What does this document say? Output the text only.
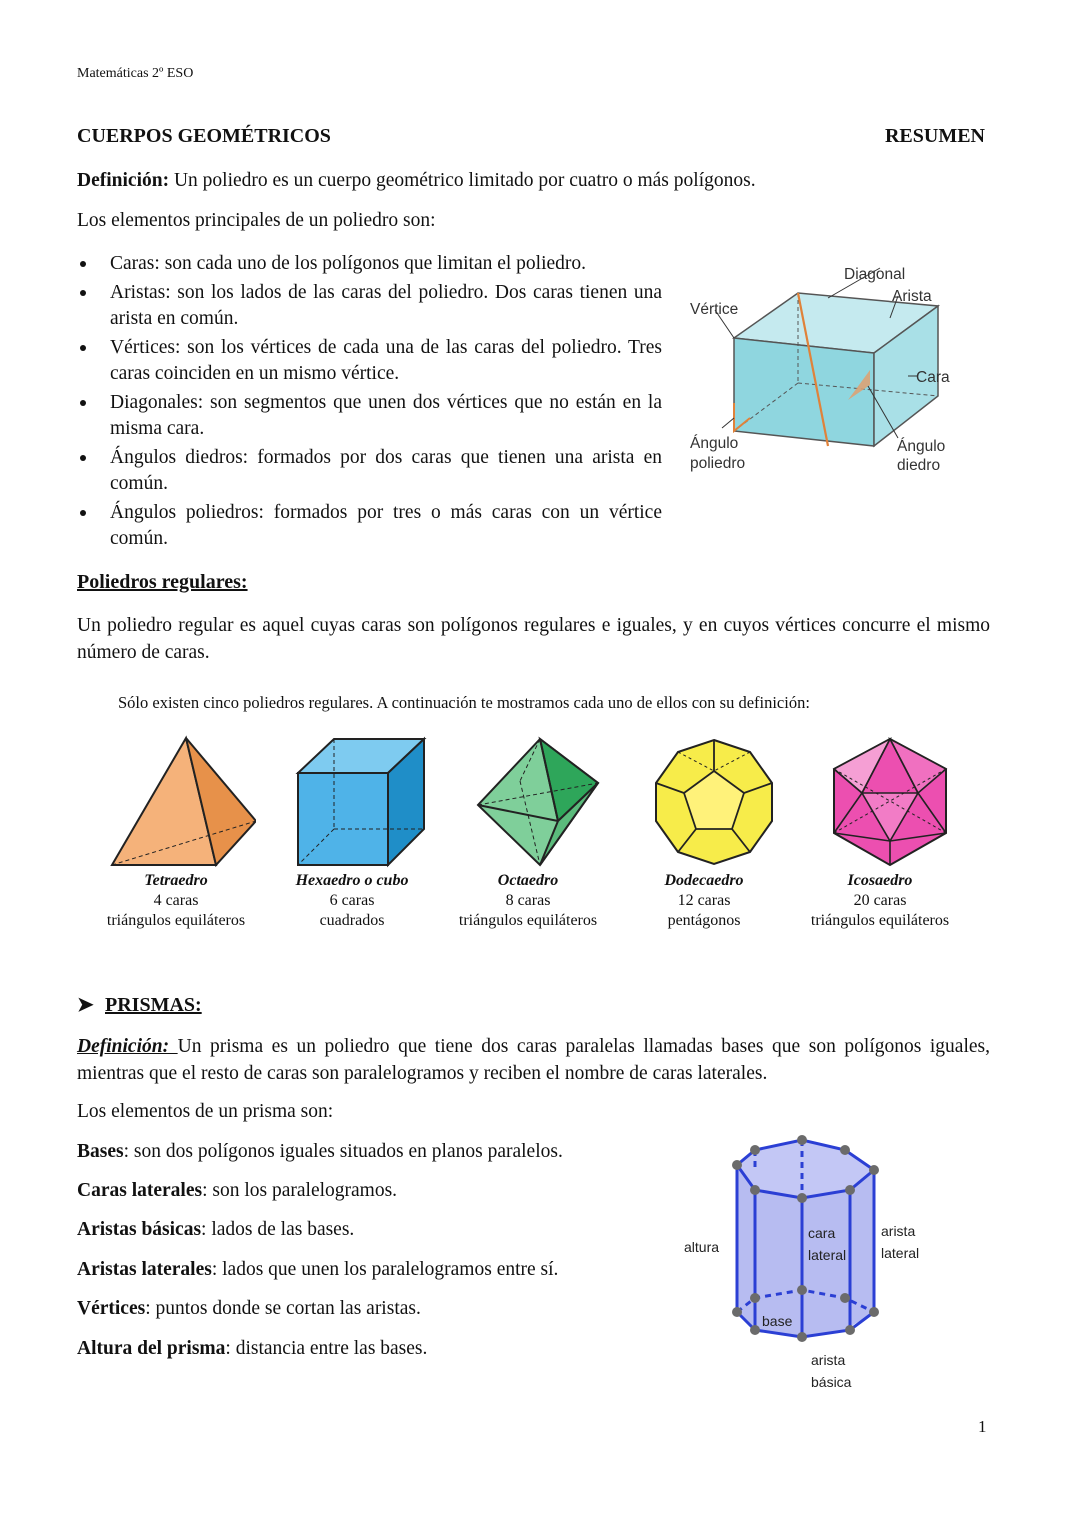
Matemáticas 2º ESO
CUERPOS GEOMÉTRICOS	RESUMEN
Definición: Un poliedro es un cuerpo geométrico limitado por cuatro o más polígonos.
Los elementos principales de un poliedro son:
Caras: son cada uno de los polígonos que limitan el poliedro.
Aristas: son los lados de las caras del poliedro. Dos caras tienen una arista en común.
Vértices: son los vértices de cada una de las caras del poliedro. Tres caras coinciden en un mismo vértice.
Diagonales: son segmentos que unen dos vértices que no están en la misma cara.
Ángulos diedros: formados por dos caras que tienen una arista en común.
Ángulos poliedros: formados por tres o más caras con un vértice común.
Diagonal
Arista
Vértice
Cara
Ángulo
poliedro
Ángulo
diedro
Poliedros regulares:
Un poliedro regular es aquel cuyas caras son polígonos regulares e iguales, y en cuyos vértices concurre el mismo número de caras.
Sólo existen cinco poliedros regulares. A continuación te mostramos cada uno de ellos con su definición:
Tetraedro
4 caras
triángulos equiláteros
Hexaedro o cubo
6 caras
cuadrados
Octaedro
8 caras
triángulos equiláteros
Dodecaedro
12 caras
pentágonos
Icosaedro
20 caras
triángulos equiláteros
➤ PRISMAS:
Definición: Un prisma es un poliedro que tiene dos caras paralelas llamadas bases que son polígonos iguales, mientras que el resto de caras son paralelogramos y reciben el nombre de caras laterales.
Los elementos de un prisma son:
Bases: son dos polígonos iguales situados en planos paralelos.
Caras laterales: son los paralelogramos.
Aristas básicas: lados de las bases.
Aristas laterales: lados que unen los paralelogramos entre sí.
Vértices: puntos donde se cortan las aristas.
Altura del prisma: distancia entre las bases.
altura
cara
lateral
arista
lateral
base
arista
básica
1
